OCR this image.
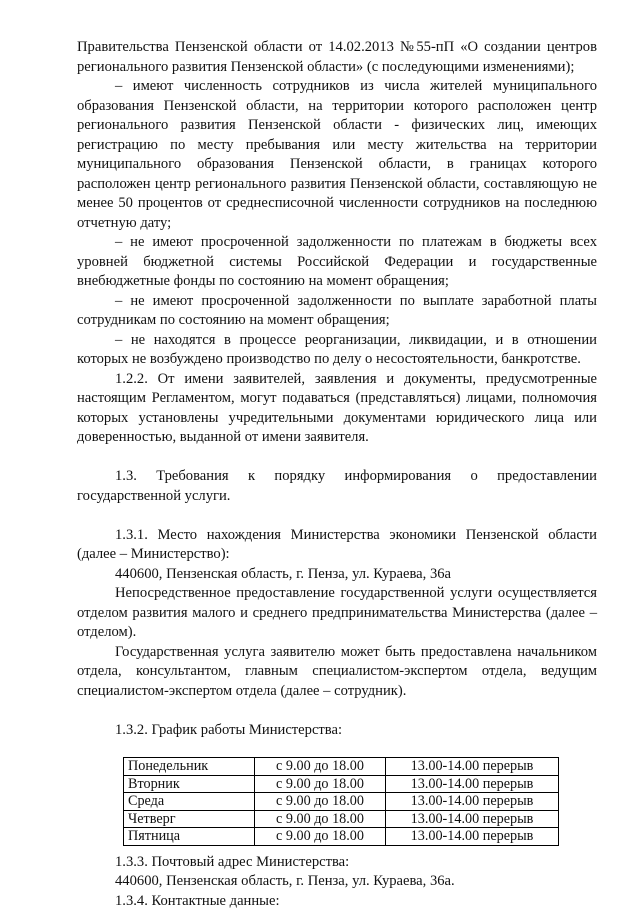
Правительства Пензенской области от 14.02.2013 №55-пП «О создании центров регионального развития Пензенской области» (с последующими изменениями);

– имеют численность сотрудников из числа жителей муниципального образования Пензенской области, на территории которого расположен центр регионального развития Пензенской области - физических лиц, имеющих регистрацию по месту пребывания или месту жительства на территории муниципального образования Пензенской области, в границах которого расположен центр регионального развития Пензенской области, составляющую не менее 50 процентов от среднесписочной численности сотрудников на последнюю отчетную дату;

– не имеют просроченной задолженности по платежам в бюджеты всех уровней бюджетной системы Российской Федерации и государственные внебюджетные фонды по состоянию на момент обращения;

– не имеют просроченной задолженности по выплате заработной платы сотрудникам по состоянию на момент обращения;

– не находятся в процессе реорганизации, ликвидации, и в отношении которых не возбуждено производство по делу о несостоятельности, банкротстве.

1.2.2. От имени заявителей, заявления и документы, предусмотренные настоящим Регламентом, могут подаваться (представляться) лицами, полномочия которых установлены учредительными документами юридического лица или доверенностью, выданной от имени заявителя.

1.3. Требования к порядку информирования о предоставлении государственной услуги.

1.3.1. Место нахождения Министерства экономики Пензенской области (далее – Министерство):

440600, Пензенская область, г. Пенза, ул. Кураева, 36а

Непосредственное предоставление государственной услуги осуществляется отделом развития малого и среднего предпринимательства Министерства (далее – отделом).

Государственная услуга заявителю может быть предоставлена начальником отдела, консультантом, главным специалистом-экспертом отдела, ведущим специалистом-экспертом отдела (далее – сотрудник).

1.3.2. График работы Министерства:

Понедельник	с 9.00 до 18.00	13.00-14.00 перерыв
Вторник	с 9.00 до 18.00	13.00-14.00 перерыв
Среда	с 9.00 до 18.00	13.00-14.00 перерыв
Четверг	с 9.00 до 18.00	13.00-14.00 перерыв
Пятница	с 9.00 до 18.00	13.00-14.00 перерыв

1.3.3. Почтовый адрес Министерства:

440600, Пензенская область, г. Пенза, ул. Кураева, 36а.

1.3.4. Контактные данные:
